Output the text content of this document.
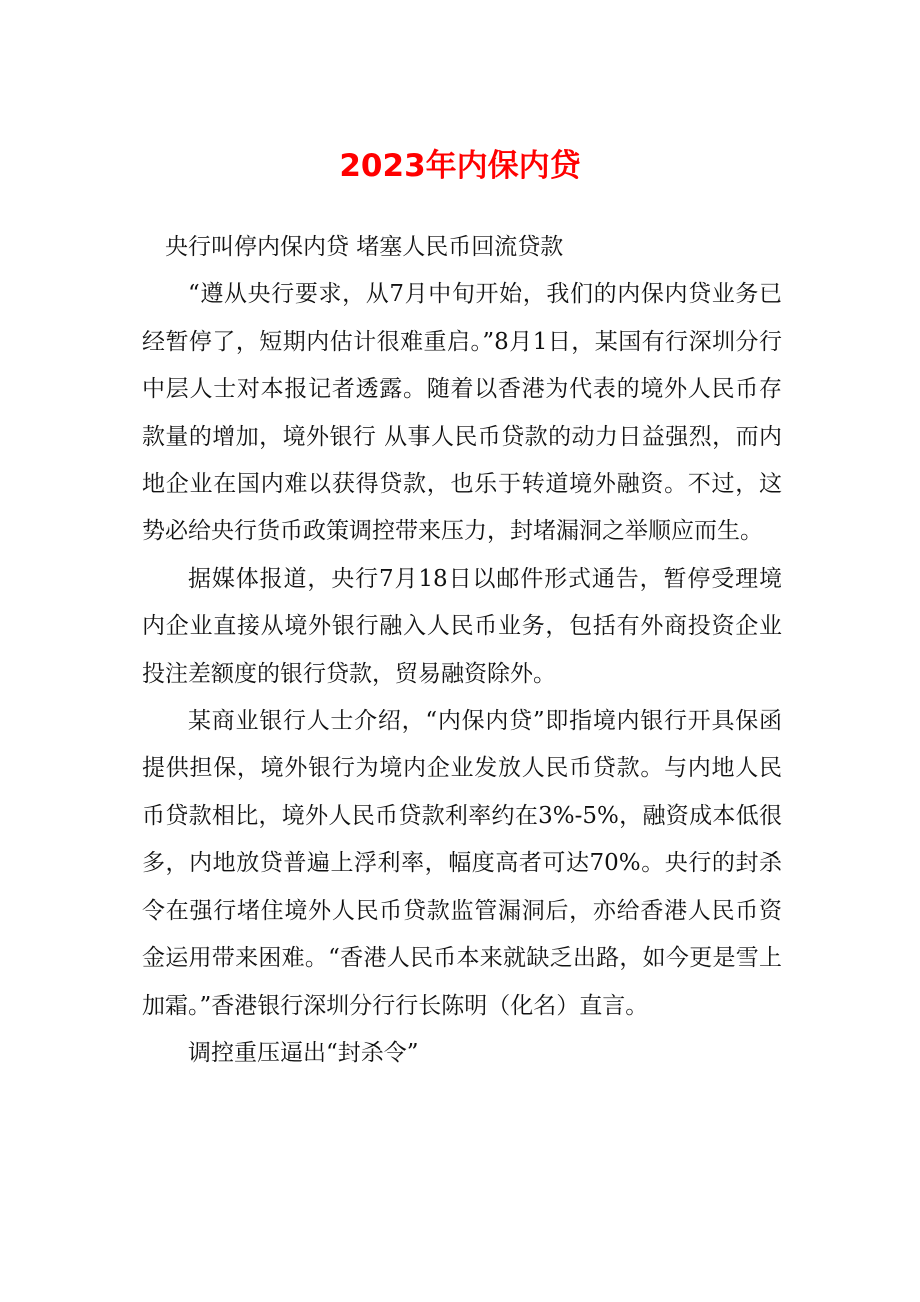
2023年内保内贷

央行叫停内保内贷 堵塞人民币回流贷款

“遵从央行要求，从7月中旬开始，我们的内保内贷业务已经暂停了，短期内估计很难重启。”8月1日，某国有行深圳分行中层人士对本报记者透露。随着以香港为代表的境外人民币存款量的增加，境外银行 从事人民币贷款的动力日益强烈，而内地企业在国内难以获得贷款，也乐于转道境外融资。不过，这势必给央行货币政策调控带来压力，封堵漏洞之举顺应而生。

据媒体报道，央行7月18日以邮件形式通告，暂停受理境内企业直接从境外银行融入人民币业务，包括有外商投资企业投注差额度的银行贷款，贸易融资除外。

某商业银行人士介绍，“内保内贷”即指境内银行开具保函提供担保，境外银行为境内企业发放人民币贷款。与内地人民币贷款相比，境外人民币贷款利率约在3%-5%，融资成本低很多，内地放贷普遍上浮利率，幅度高者可达70%。央行的封杀令在强行堵住境外人民币贷款监管漏洞后，亦给香港人民币资金运用带来困难。“香港人民币本来就缺乏出路，如今更是雪上加霜。”香港银行深圳分行行长陈明（化名）直言。

调控重压逼出“封杀令”
